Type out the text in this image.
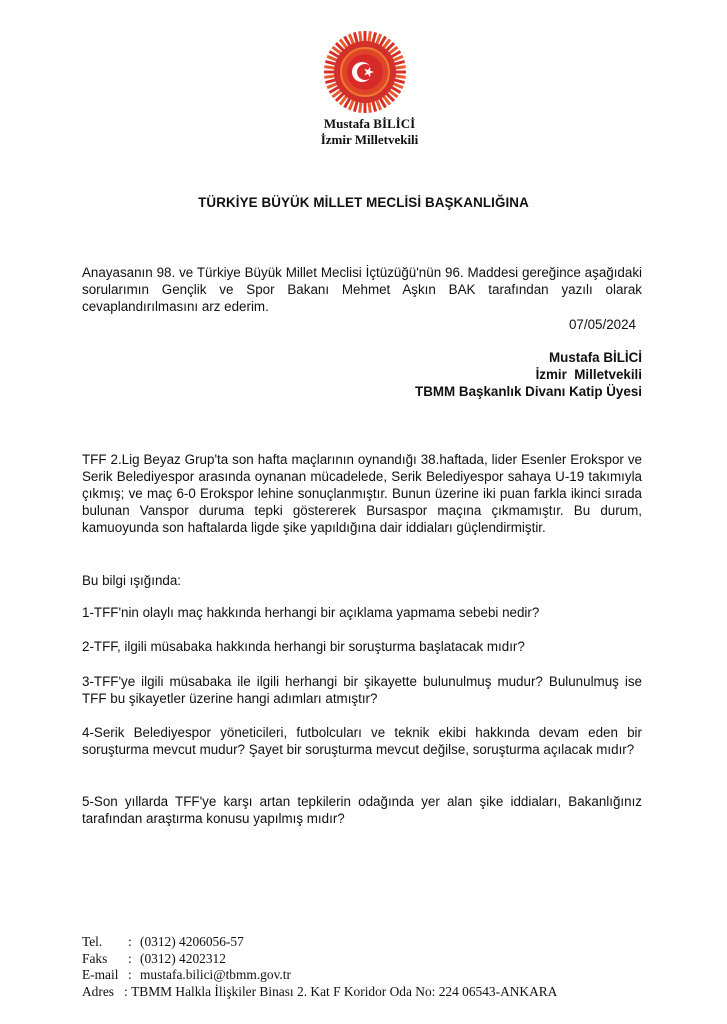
Mustafa BİLİCİ
İzmir Milletvekili
TÜRKİYE BÜYÜK MİLLET MECLİSİ BAŞKANLIĞINA
Anayasanın 98. ve Türkiye Büyük Millet Meclisi İçtüzüğü'nün 96. Maddesi gereğince aşağıdaki sorularımın Gençlik ve Spor Bakanı Mehmet Aşkın BAK tarafından yazılı olarak cevaplandırılmasını arz ederim.
07/05/2024
Mustafa BİLİCİ
İzmir  Milletvekili
TBMM Başkanlık Divanı Katip Üyesi
TFF 2.Lig Beyaz Grup'ta son hafta maçlarının oynandığı 38.haftada, lider Esenler Erokspor ve Serik Belediyespor arasında oynanan mücadelede, Serik Belediyespor sahaya U-19 takımıyla çıkmış; ve maç 6-0 Erokspor lehine sonuçlanmıştır. Bunun üzerine iki puan farkla ikinci sırada bulunan Vanspor duruma tepki göstererek Bursaspor maçına çıkmamıştır. Bu durum, kamuoyunda son haftalarda ligde şike yapıldığına dair iddiaları güçlendirmiştir.
Bu bilgi ışığında:
1-TFF'nin olaylı maç hakkında herhangi bir açıklama yapmama sebebi nedir?
2-TFF, ilgili müsabaka hakkında herhangi bir soruşturma başlatacak mıdır?
3-TFF'ye ilgili müsabaka ile ilgili herhangi bir şikayette bulunulmuş mudur? Bulunulmuş ise TFF bu şikayetler üzerine hangi adımları atmıştır?
4-Serik Belediyespor yöneticileri, futbolcuları ve teknik ekibi hakkında devam eden bir soruşturma mevcut mudur? Şayet bir soruşturma mevcut değilse, soruşturma açılacak mıdır?
5-Son yıllarda TFF'ye karşı artan tepkilerin odağında yer alan şike iddiaları, Bakanlığınız tarafından araştırma konusu yapılmış mıdır?
Tel. : (0312) 4206056-57
Faks : (0312) 4202312
E-mail : mustafa.bilici@tbmm.gov.tr
Adres : TBMM Halkla İlişkiler Binası 2. Kat F Koridor Oda No: 224 06543-ANKARA
